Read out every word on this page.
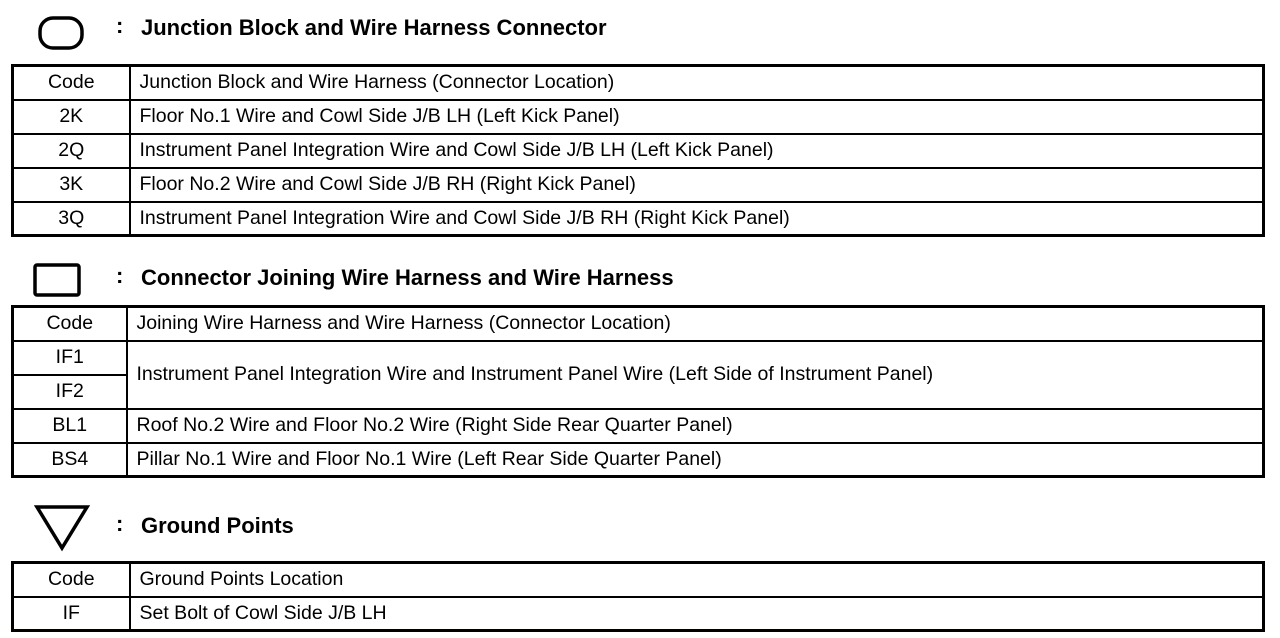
: Junction Block and Wire Harness Connector
Code	Junction Block and Wire Harness (Connector Location)
2K	Floor No.1 Wire and Cowl Side J/B LH (Left Kick Panel)
2Q	Instrument Panel Integration Wire and Cowl Side J/B LH (Left Kick Panel)
3K	Floor No.2 Wire and Cowl Side J/B RH (Right Kick Panel)
3Q	Instrument Panel Integration Wire and Cowl Side J/B RH (Right Kick Panel)
: Connector Joining Wire Harness and Wire Harness
Code	Joining Wire Harness and Wire Harness (Connector Location)
IF1	Instrument Panel Integration Wire and Instrument Panel Wire (Left Side of Instrument Panel)
IF2	
BL1	Roof No.2 Wire and Floor No.2 Wire (Right Side Rear Quarter Panel)
BS4	Pillar No.1 Wire and Floor No.1 Wire (Left Rear Side Quarter Panel)
: Ground Points
Code	Ground Points Location
IF	Set Bolt of Cowl Side J/B LH
